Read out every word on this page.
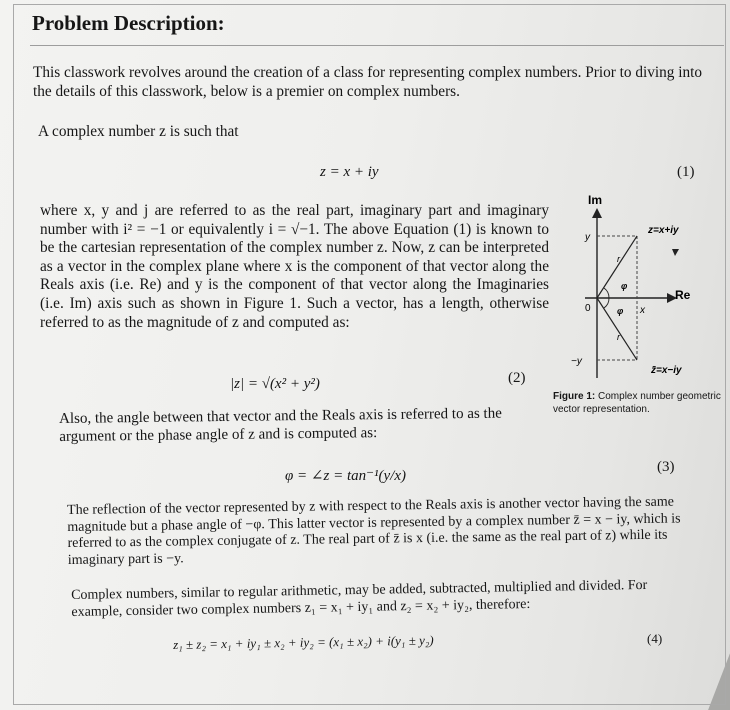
Problem Description:
This classwork revolves around the creation of a class for representing complex numbers. Prior to diving into the details of this classwork, below is a premier on complex numbers.
A complex number z is such that
z = x + iy	(1)
where x, y and j are referred to as the real part, imaginary part and imaginary number with i² = −1 or equivalently i = √−1. The above Equation (1) is known to be the cartesian representation of the complex number z. Now, z can be interpreted as a vector in the complex plane where x is the component of that vector along the Reals axis (i.e. Re) and y is the component of that vector along the Imaginaries (i.e. Im) axis such as shown in Figure 1. Such a vector, has a length, otherwise referred to as the magnitude of z and computed as:
|z| = √(x² + y²)	(2)
Also, the angle between that vector and the Reals axis is referred to as the argument or the phase angle of z and is computed as:
φ = ∠z = tan⁻¹(y/x)
(3)
The reflection of the vector represented by z with respect to the Reals axis is another vector having the same magnitude but a phase angle of −φ. This latter vector is represented by a complex number z̄ = x − iy, which is referred to as the complex conjugate of z. The real part of z̄ is x (i.e. the same as the real part of z) while its imaginary part is −y.
Complex numbers, similar to regular arithmetic, may be added, subtracted, multiplied and divided. For example, consider two complex numbers z₁ = x₁ + iy₁ and z₂ = x₂ + iy₂, therefore:
z₁ ± z₂ = x₁ + iy₁ ± x₂ + iy₂ = (x₁ ± x₂) + i(y₁ ± y₂)	(4)
Im
Re
y
−y
0	x
z=x+iy
z̄=x−iy
r
r
φ
φ
Figure 1: Complex number geometric vector representation.
